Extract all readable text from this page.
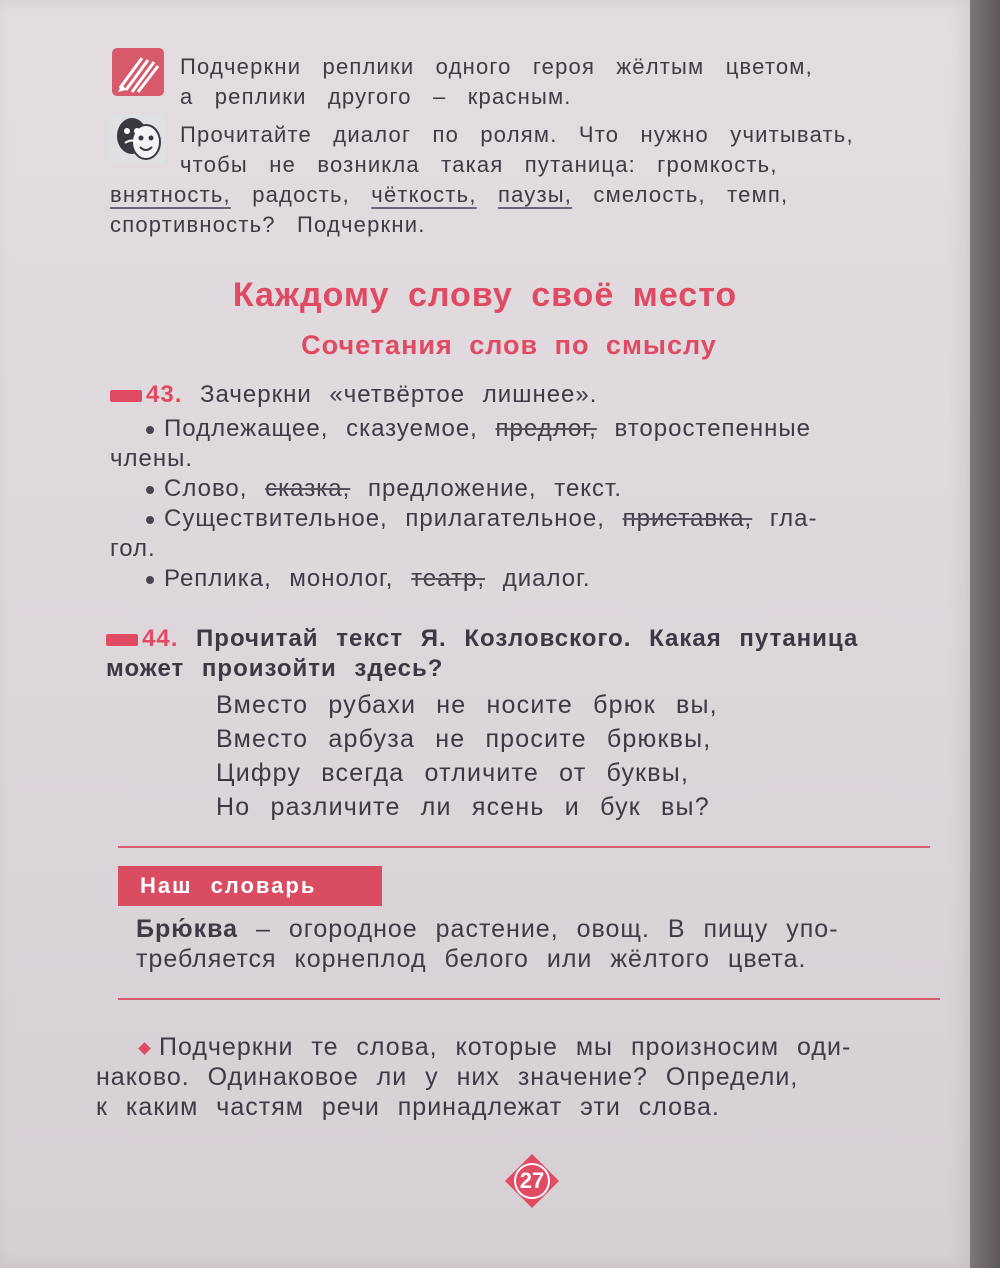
Подчеркни реплики одного героя жёлтым цветом,
а реплики другого – красным.
Прочитайте диалог по ролям. Что нужно учитывать,
чтобы не возникла такая путаница: громкость,
внятность, радость, чёткость, паузы, смелость, темп,
спортивность? Подчеркни.
Каждому слову своё место
Сочетания слов по смыслу
43. Зачеркни «четвёртое лишнее».
Подлежащее, сказуемое, предлог, второстепенные
члены.
Слово, сказка, предложение, текст.
Существительное, прилагательное, приставка, гла-
гол.
Реплика, монолог, театр, диалог.
44. Прочитай текст Я. Козловского. Какая путаница
может произойти здесь?
Вместо рубахи не носите брюк вы,
Вместо арбуза не просите брюквы,
Цифру всегда отличите от буквы,
Но различите ли ясень и бук вы?
Наш словарь
Брю́ква – огородное растение, овощ. В пищу упо-
требляется корнеплод белого или жёлтого цвета.
Подчеркни те слова, которые мы произносим оди-
наково. Одинаковое ли у них значение? Определи,
к каким частям речи принадлежат эти слова.
27
